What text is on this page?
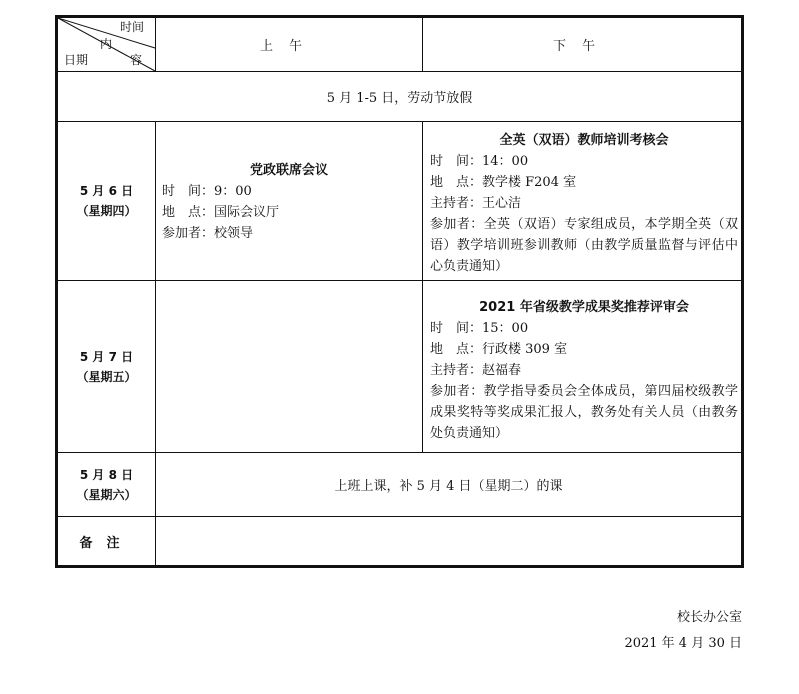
时间
内
容
日期
上午	下午
5 月 1-5 日，劳动节放假
5 月 6 日
（星期四）
党政联席会议
时　间：9：00
地　点：国际会议厅
参加者：校领导
全英（双语）教师培训考核会
时　间：14：00
地　点：教学楼 F204 室
主持者：王心洁
参加者：全英（双语）专家组成员，本学期全英（双语）教学培训班参训教师（由教学质量监督与评估中心负责通知）
5 月 7 日
（星期五）
2021 年省级教学成果奖推荐评审会
时　间：15：00
地　点：行政楼 309 室
主持者：赵福春
参加者：教学指导委员会全体成员，第四届校级教学成果奖特等奖成果汇报人，教务处有关人员（由教务处负责通知）
5 月 8 日
（星期六）
上班上课，补 5 月 4 日（星期二）的课
备注
校长办公室
2021 年 4 月 30 日
